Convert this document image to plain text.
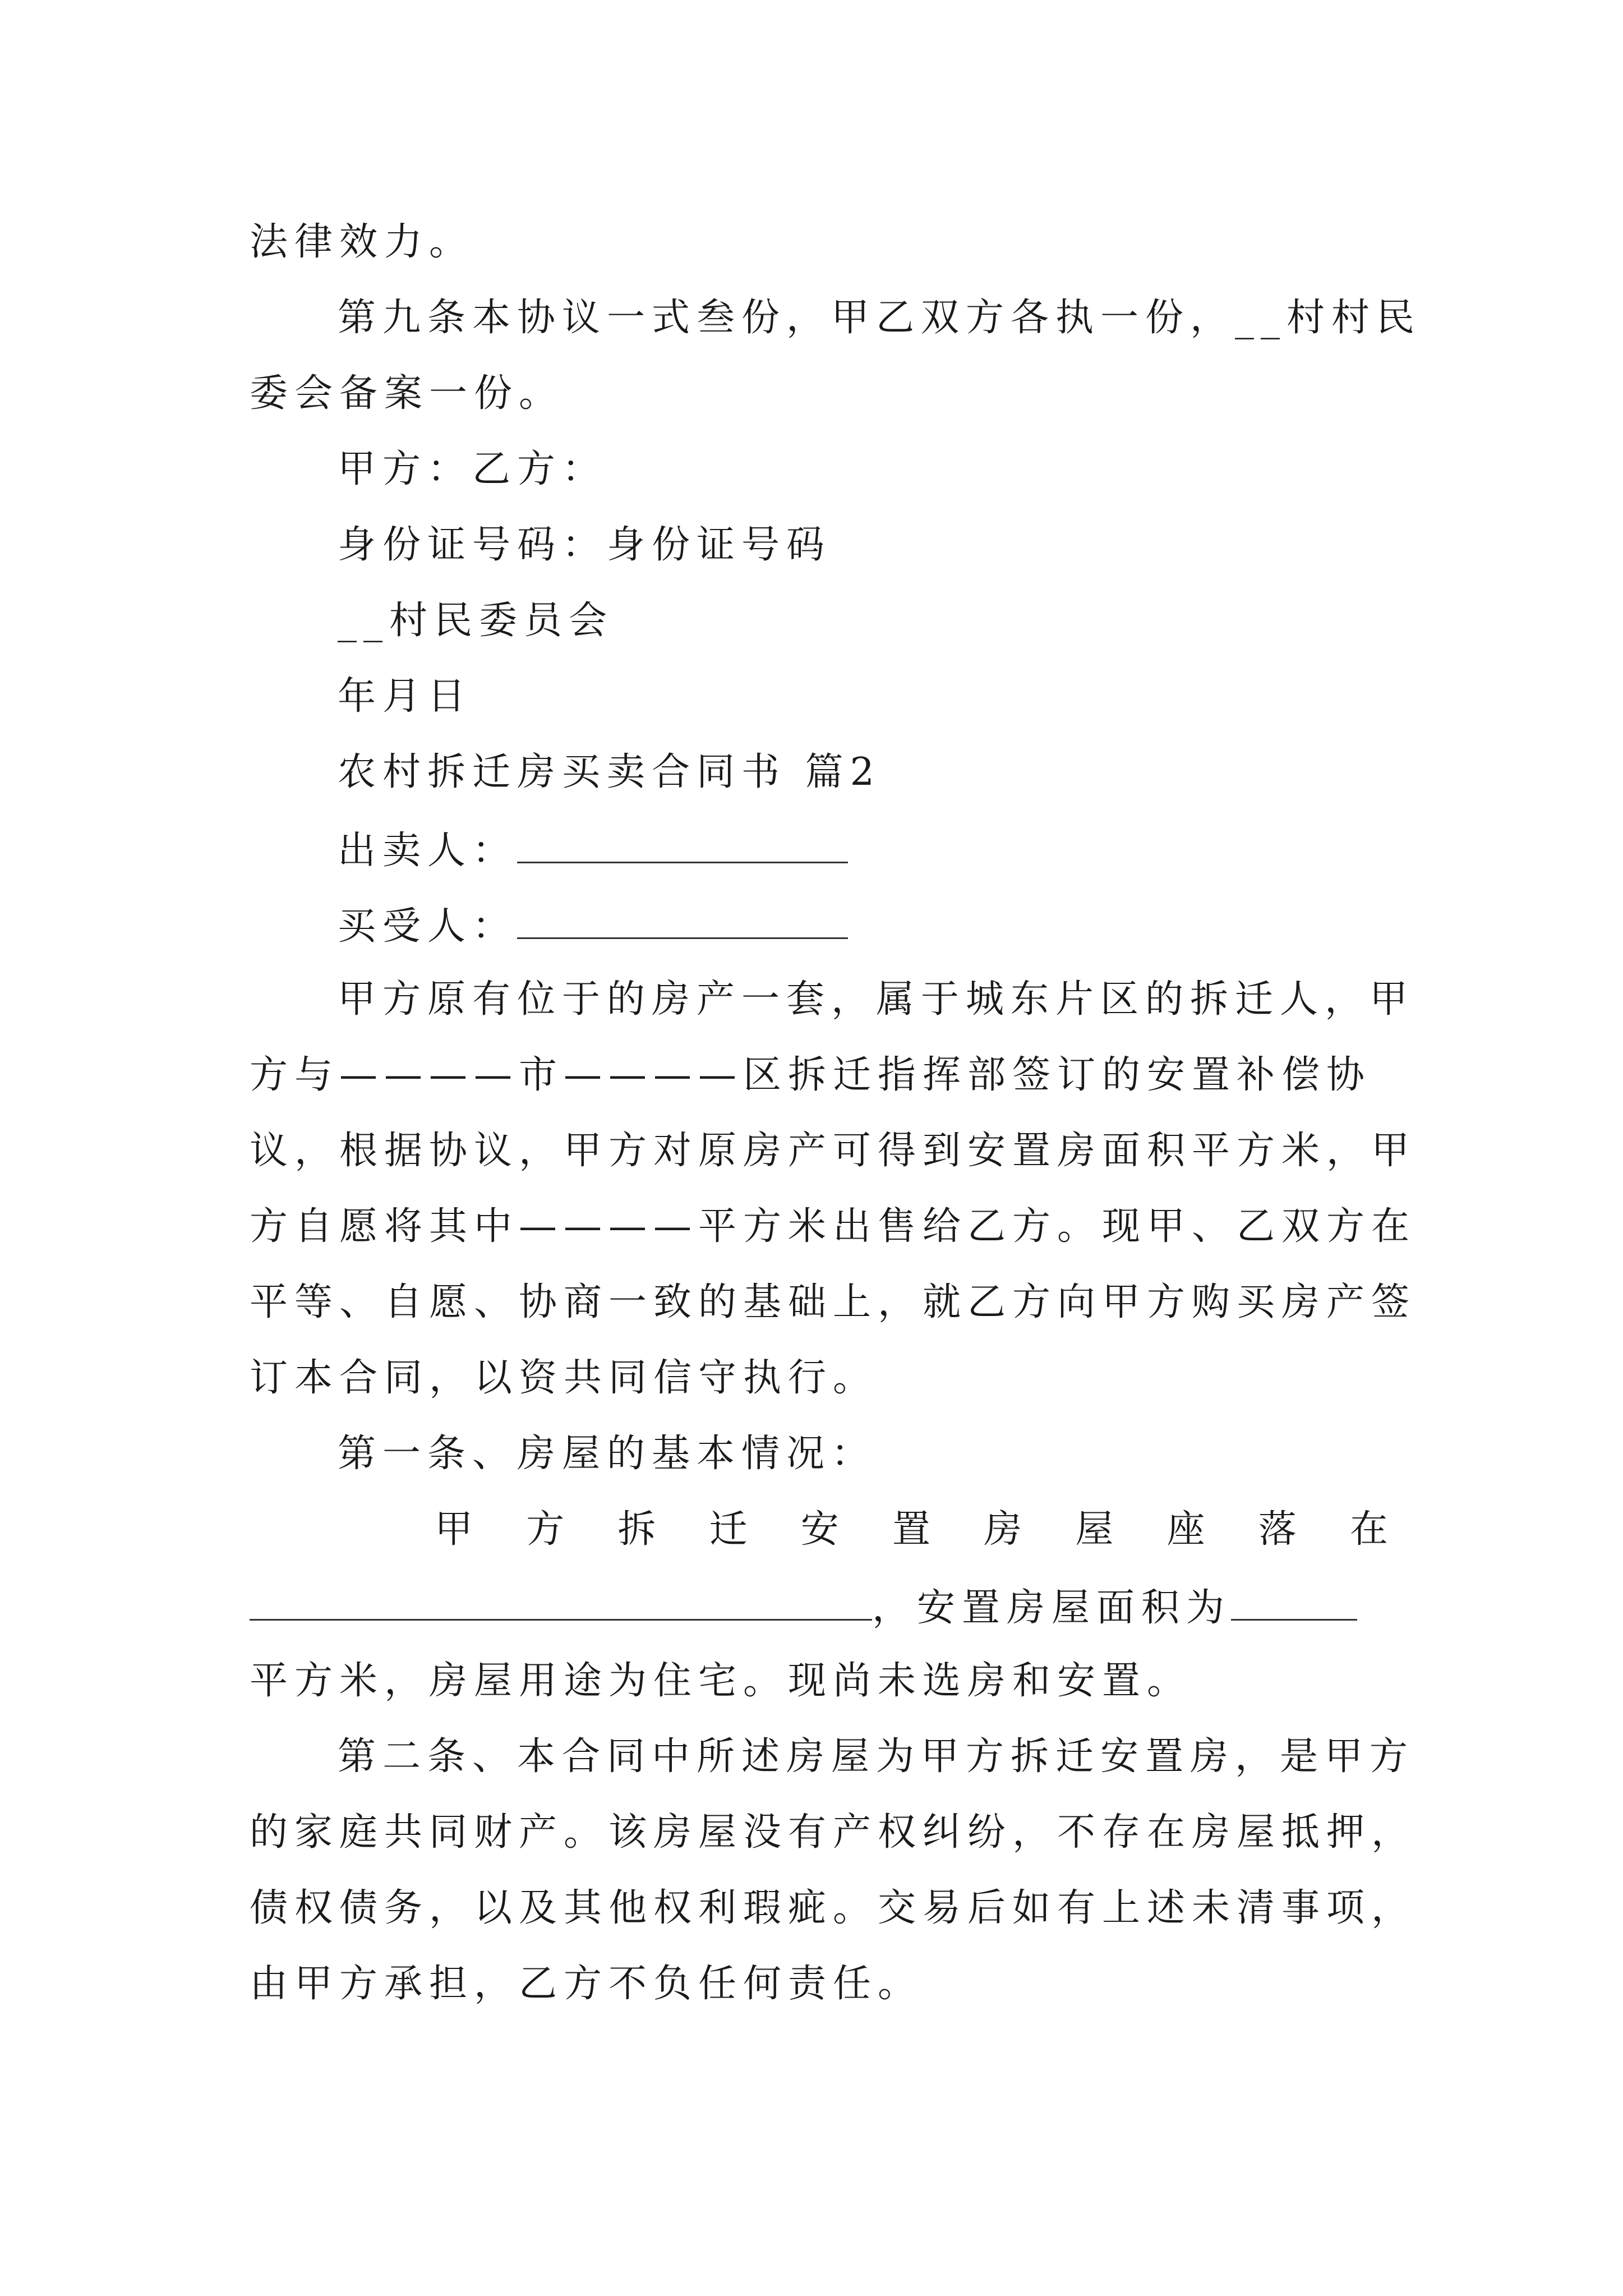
法律效力。
第九条本协议一式叁份，甲乙双方各执一份，__村村民
委会备案一份。
甲方：乙方：
身份证号码：身份证号码
__村民委员会
年月日
农村拆迁房买卖合同书 篇2
出卖人：
买受人：
甲方原有位于的房产一套，属于城东片区的拆迁人，甲
方与————市————区拆迁指挥部签订的安置补偿协
议，根据协议，甲方对原房产可得到安置房面积平方米，甲
方自愿将其中————平方米出售给乙方。现甲、乙双方在
平等、自愿、协商一致的基础上，就乙方向甲方购买房产签
订本合同，以资共同信守执行。
第一条、房屋的基本情况：
甲 方 拆 迁 安 置 房 屋 座 落 在
，安置房屋面积为
平方米，房屋用途为住宅。现尚未选房和安置。
第二条、本合同中所述房屋为甲方拆迁安置房，是甲方
的家庭共同财产。该房屋没有产权纠纷，不存在房屋抵押，
债权债务，以及其他权利瑕疵。交易后如有上述未清事项，
由甲方承担，乙方不负任何责任。
